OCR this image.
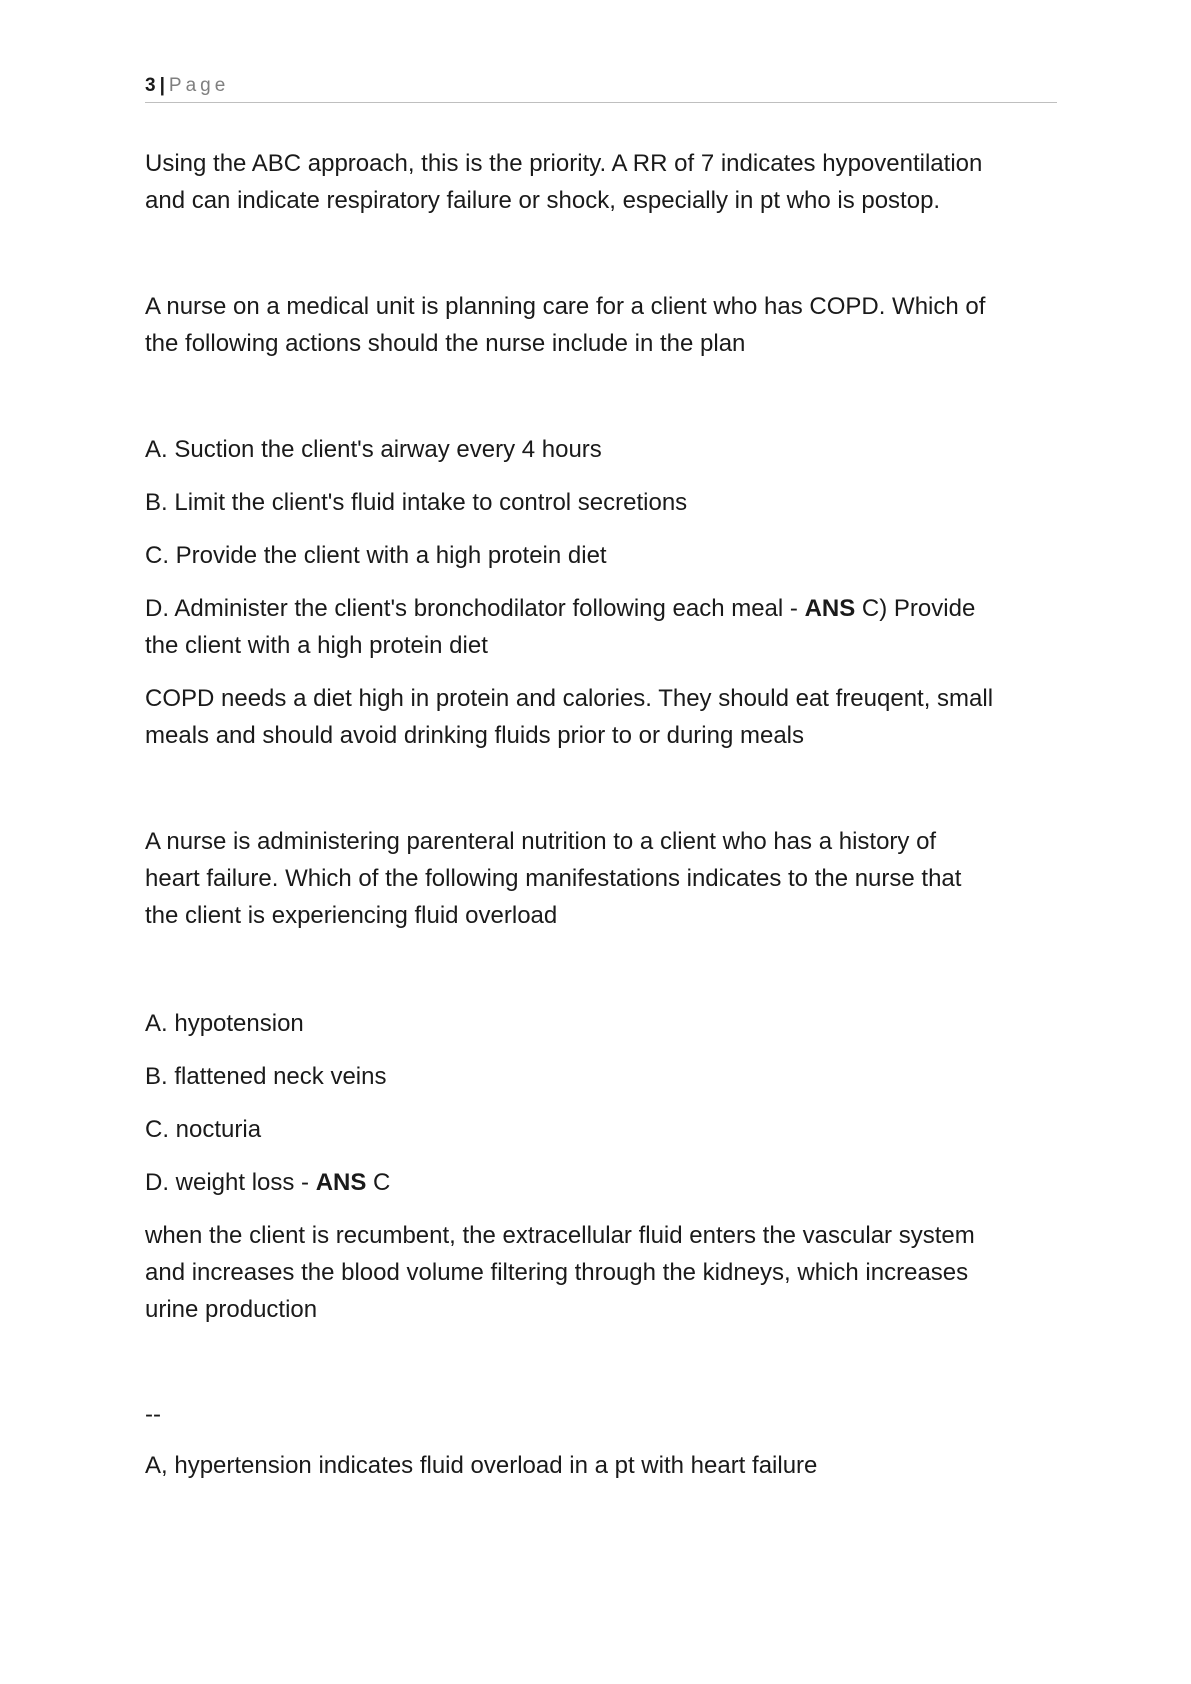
3 | Page

Using the ABC approach, this is the priority. A RR of 7 indicates hypoventilation
and can indicate respiratory failure or shock, especially in pt who is postop.

A nurse on a medical unit is planning care for a client who has COPD. Which of
the following actions should the nurse include in the plan

A. Suction the client's airway every 4 hours

B. Limit the client's fluid intake to control secretions

C. Provide the client with a high protein diet

D. Administer the client's bronchodilator following each meal - ANS C) Provide
the client with a high protein diet

COPD needs a diet high in protein and calories. They should eat freuqent, small
meals and should avoid drinking fluids prior to or during meals

A nurse is administering parenteral nutrition to a client who has a history of
heart failure. Which of the following manifestations indicates to the nurse that
the client is experiencing fluid overload

A. hypotension

B. flattened neck veins

C. nocturia

D. weight loss - ANS C

when the client is recumbent, the extracellular fluid enters the vascular system
and increases the blood volume filtering through the kidneys, which increases
urine production

--

A, hypertension indicates fluid overload in a pt with heart failure
